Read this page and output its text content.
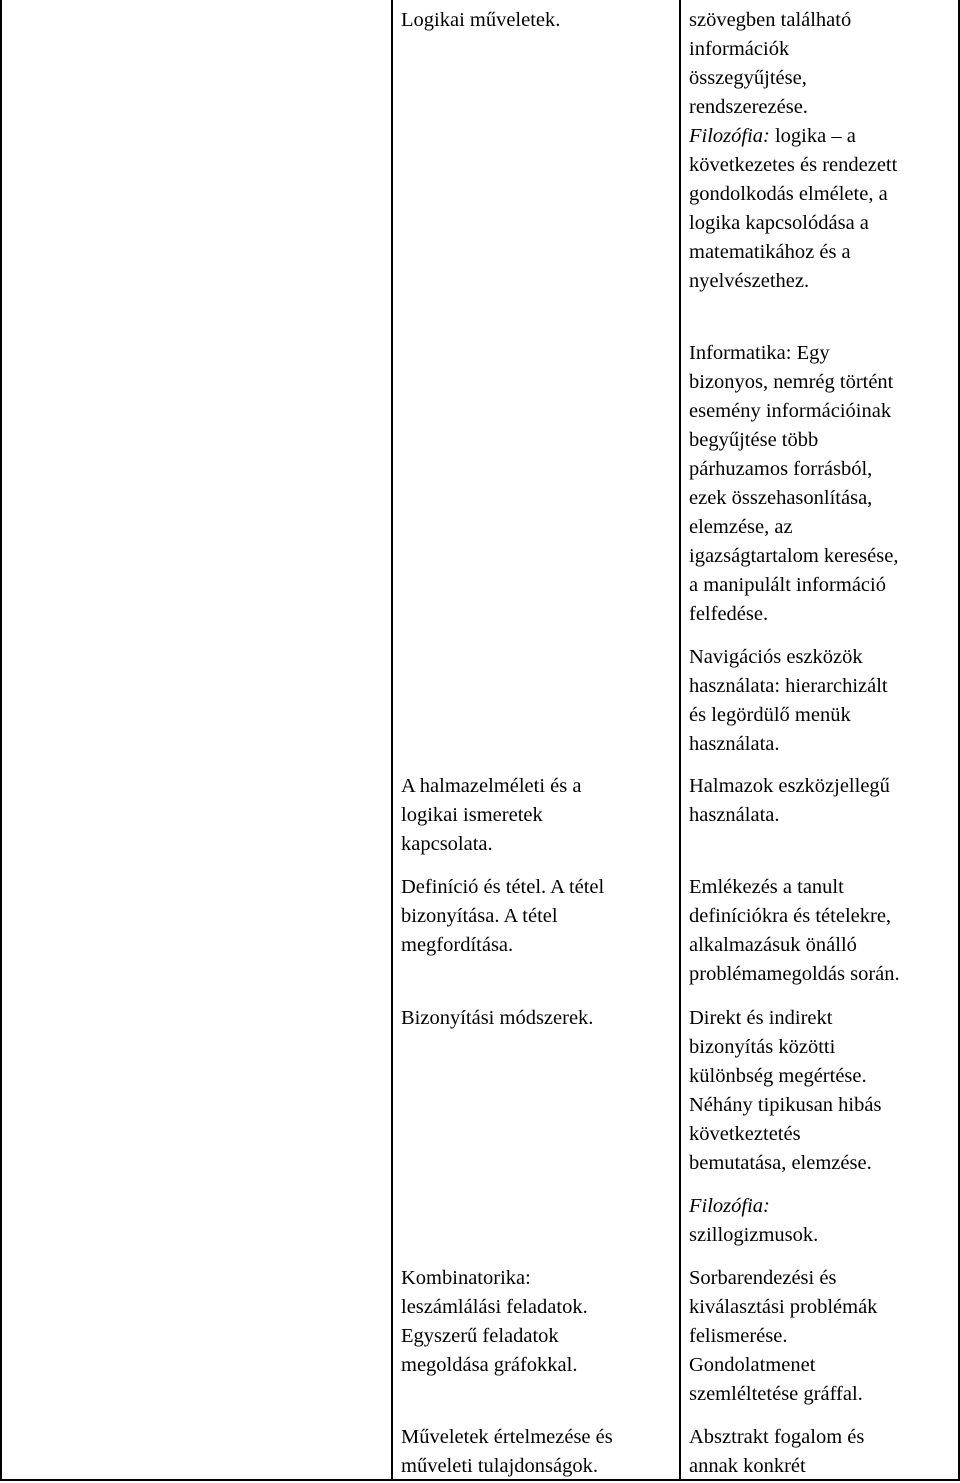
Logikai műveletek.	szövegben található

információk

összegyűjtése,

rendszerezése.

Filozófia: logika – a

következetes és rendezett

gondolkodás elmélete, a

logika kapcsolódása a

matematikához és a

nyelvészethez.

Informatika: Egy

bizonyos, nemrég történt

esemény információinak

begyűjtése több

párhuzamos forrásból,

ezek összehasonlítása,

elemzése, az

igazságtartalom keresése,

a manipulált információ

felfedése.

Navigációs eszközök

használata: hierarchizált

és legördülő menük

használata.

A halmazelméleti és a

logikai ismeretek

kapcsolata.

Halmazok eszközjellegű

használata.

Definíció és tétel. A tétel

bizonyítása. A tétel

megfordítása.

Emlékezés a tanult

definíciókra és tételekre,

alkalmazásuk önálló

problémamegoldás során.

Bizonyítási módszerek.	Direkt és indirekt

bizonyítás közötti

különbség megértése.

Néhány tipikusan hibás

következtetés

bemutatása, elemzése.

Filozófia:

szillogizmusok.

Kombinatorika:

leszámlálási feladatok.

Egyszerű feladatok

megoldása gráfokkal.

Sorbarendezési és

kiválasztási problémák

felismerése.

Gondolatmenet

szemléltetése gráffal.

Műveletek értelmezése és

műveleti tulajdonságok.

Absztrakt fogalom és

annak konkrét
